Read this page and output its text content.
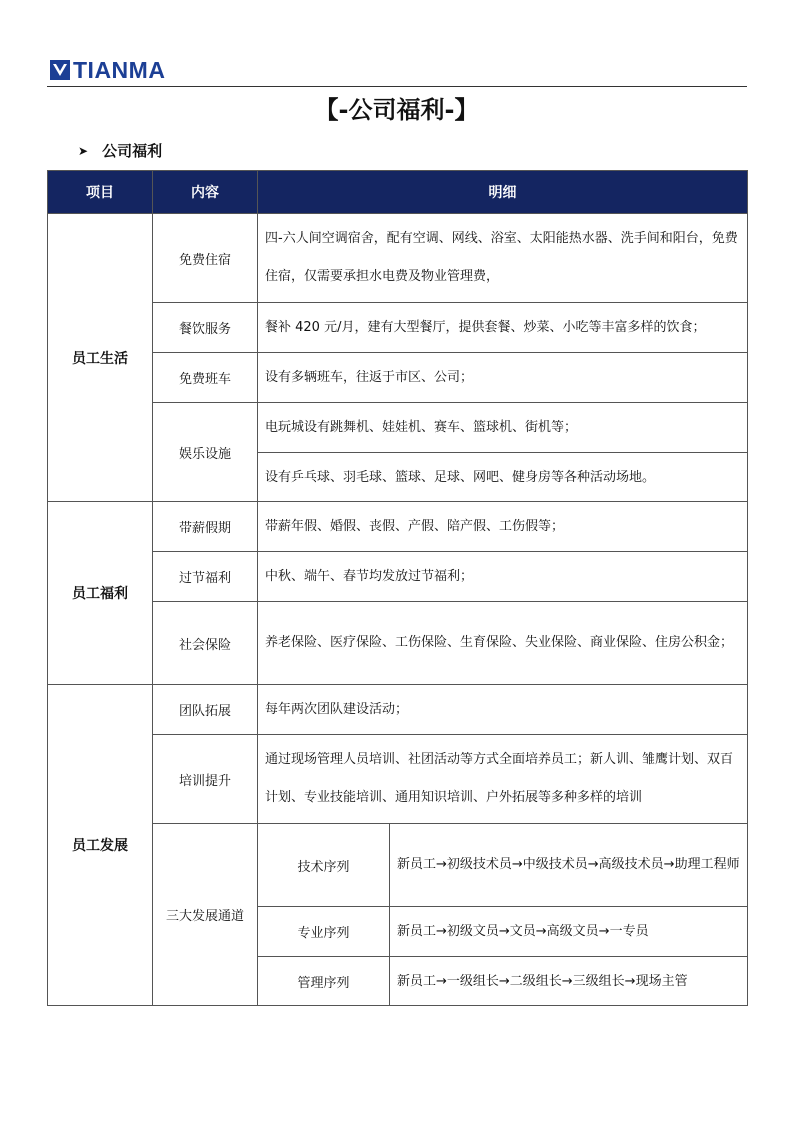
TIANMA
【-公司福利-】
➤ 公司福利
项目	内容	明细	
员工生活	免费住宿	四-六人间空调宿舍，配有空调、网线、浴室、太阳能热水器、洗手间和阳台，免费住宿，仅需要承担水电费及物业管理费，	
	餐饮服务	餐补 420 元/月，建有大型餐厅，提供套餐、炒菜、小吃等丰富多样的饮食；	
	免费班车	设有多辆班车，往返于市区、公司；	
	娱乐设施	电玩城设有跳舞机、娃娃机、赛车、篮球机、街机等；	
		设有乒乓球、羽毛球、篮球、足球、网吧、健身房等各种活动场地。	
员工福利	带薪假期	带薪年假、婚假、丧假、产假、陪产假、工伤假等；	
	过节福利	中秋、端午、春节均发放过节福利；	
	社会保险	养老保险、医疗保险、工伤保险、生育保险、失业保险、商业保险、住房公积金；	
员工发展	团队拓展	每年两次团队建设活动；	
	培训提升	通过现场管理人员培训、社团活动等方式全面培养员工；新人训、雏鹰计划、双百计划、专业技能培训、通用知识培训、户外拓展等多种多样的培训	
	三大发展通道	技术序列	新员工→初级技术员→中级技术员→高级技术员→助理工程师
		专业序列	新员工→初级文员→文员→高级文员→一专员
		管理序列	新员工→一级组长→二级组长→三级组长→现场主管
